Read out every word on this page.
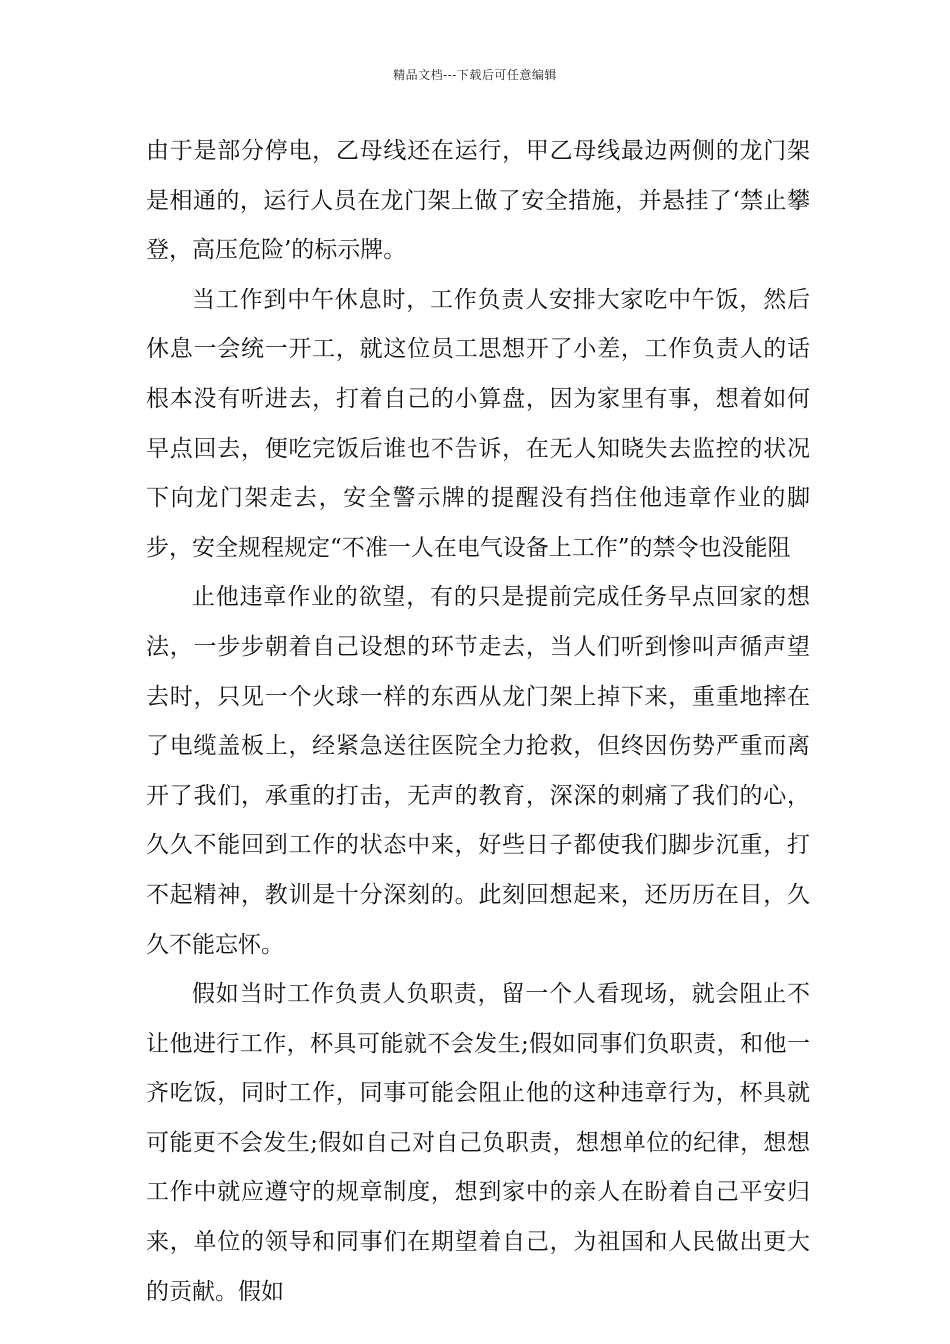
精品文档---下载后可任意编辑

由于是部分停电，乙母线还在运行，甲乙母线最边两侧的龙门架是相通的，运行人员在龙门架上做了安全措施，并悬挂了‘禁止攀登，高压危险’的标示牌。

当工作到中午休息时，工作负责人安排大家吃中午饭，然后休息一会统一开工，就这位员工思想开了小差，工作负责人的话根本没有听进去，打着自己的小算盘，因为家里有事，想着如何早点回去，便吃完饭后谁也不告诉，在无人知晓失去监控的状况下向龙门架走去，安全警示牌的提醒没有挡住他违章作业的脚步，安全规程规定“不准一人在电气设备上工作”的禁令也没能阻

止他违章作业的欲望，有的只是提前完成任务早点回家的想法，一步步朝着自己设想的环节走去，当人们听到惨叫声循声望去时，只见一个火球一样的东西从龙门架上掉下来，重重地摔在了电缆盖板上，经紧急送往医院全力抢救，但终因伤势严重而离开了我们，承重的打击，无声的教育，深深的刺痛了我们的心，久久不能回到工作的状态中来，好些日子都使我们脚步沉重，打不起精神，教训是十分深刻的。此刻回想起来，还历历在目，久久不能忘怀。

假如当时工作负责人负职责，留一个人看现场，就会阻止不让他进行工作，杯具可能就不会发生;假如同事们负职责，和他一齐吃饭，同时工作，同事可能会阻止他的这种违章行为，杯具就可能更不会发生;假如自己对自己负职责，想想单位的纪律，想想工作中就应遵守的规章制度，想到家中的亲人在盼着自己平安归来，单位的领导和同事们在期望着自己，为祖国和人民做出更大的贡献。假如
